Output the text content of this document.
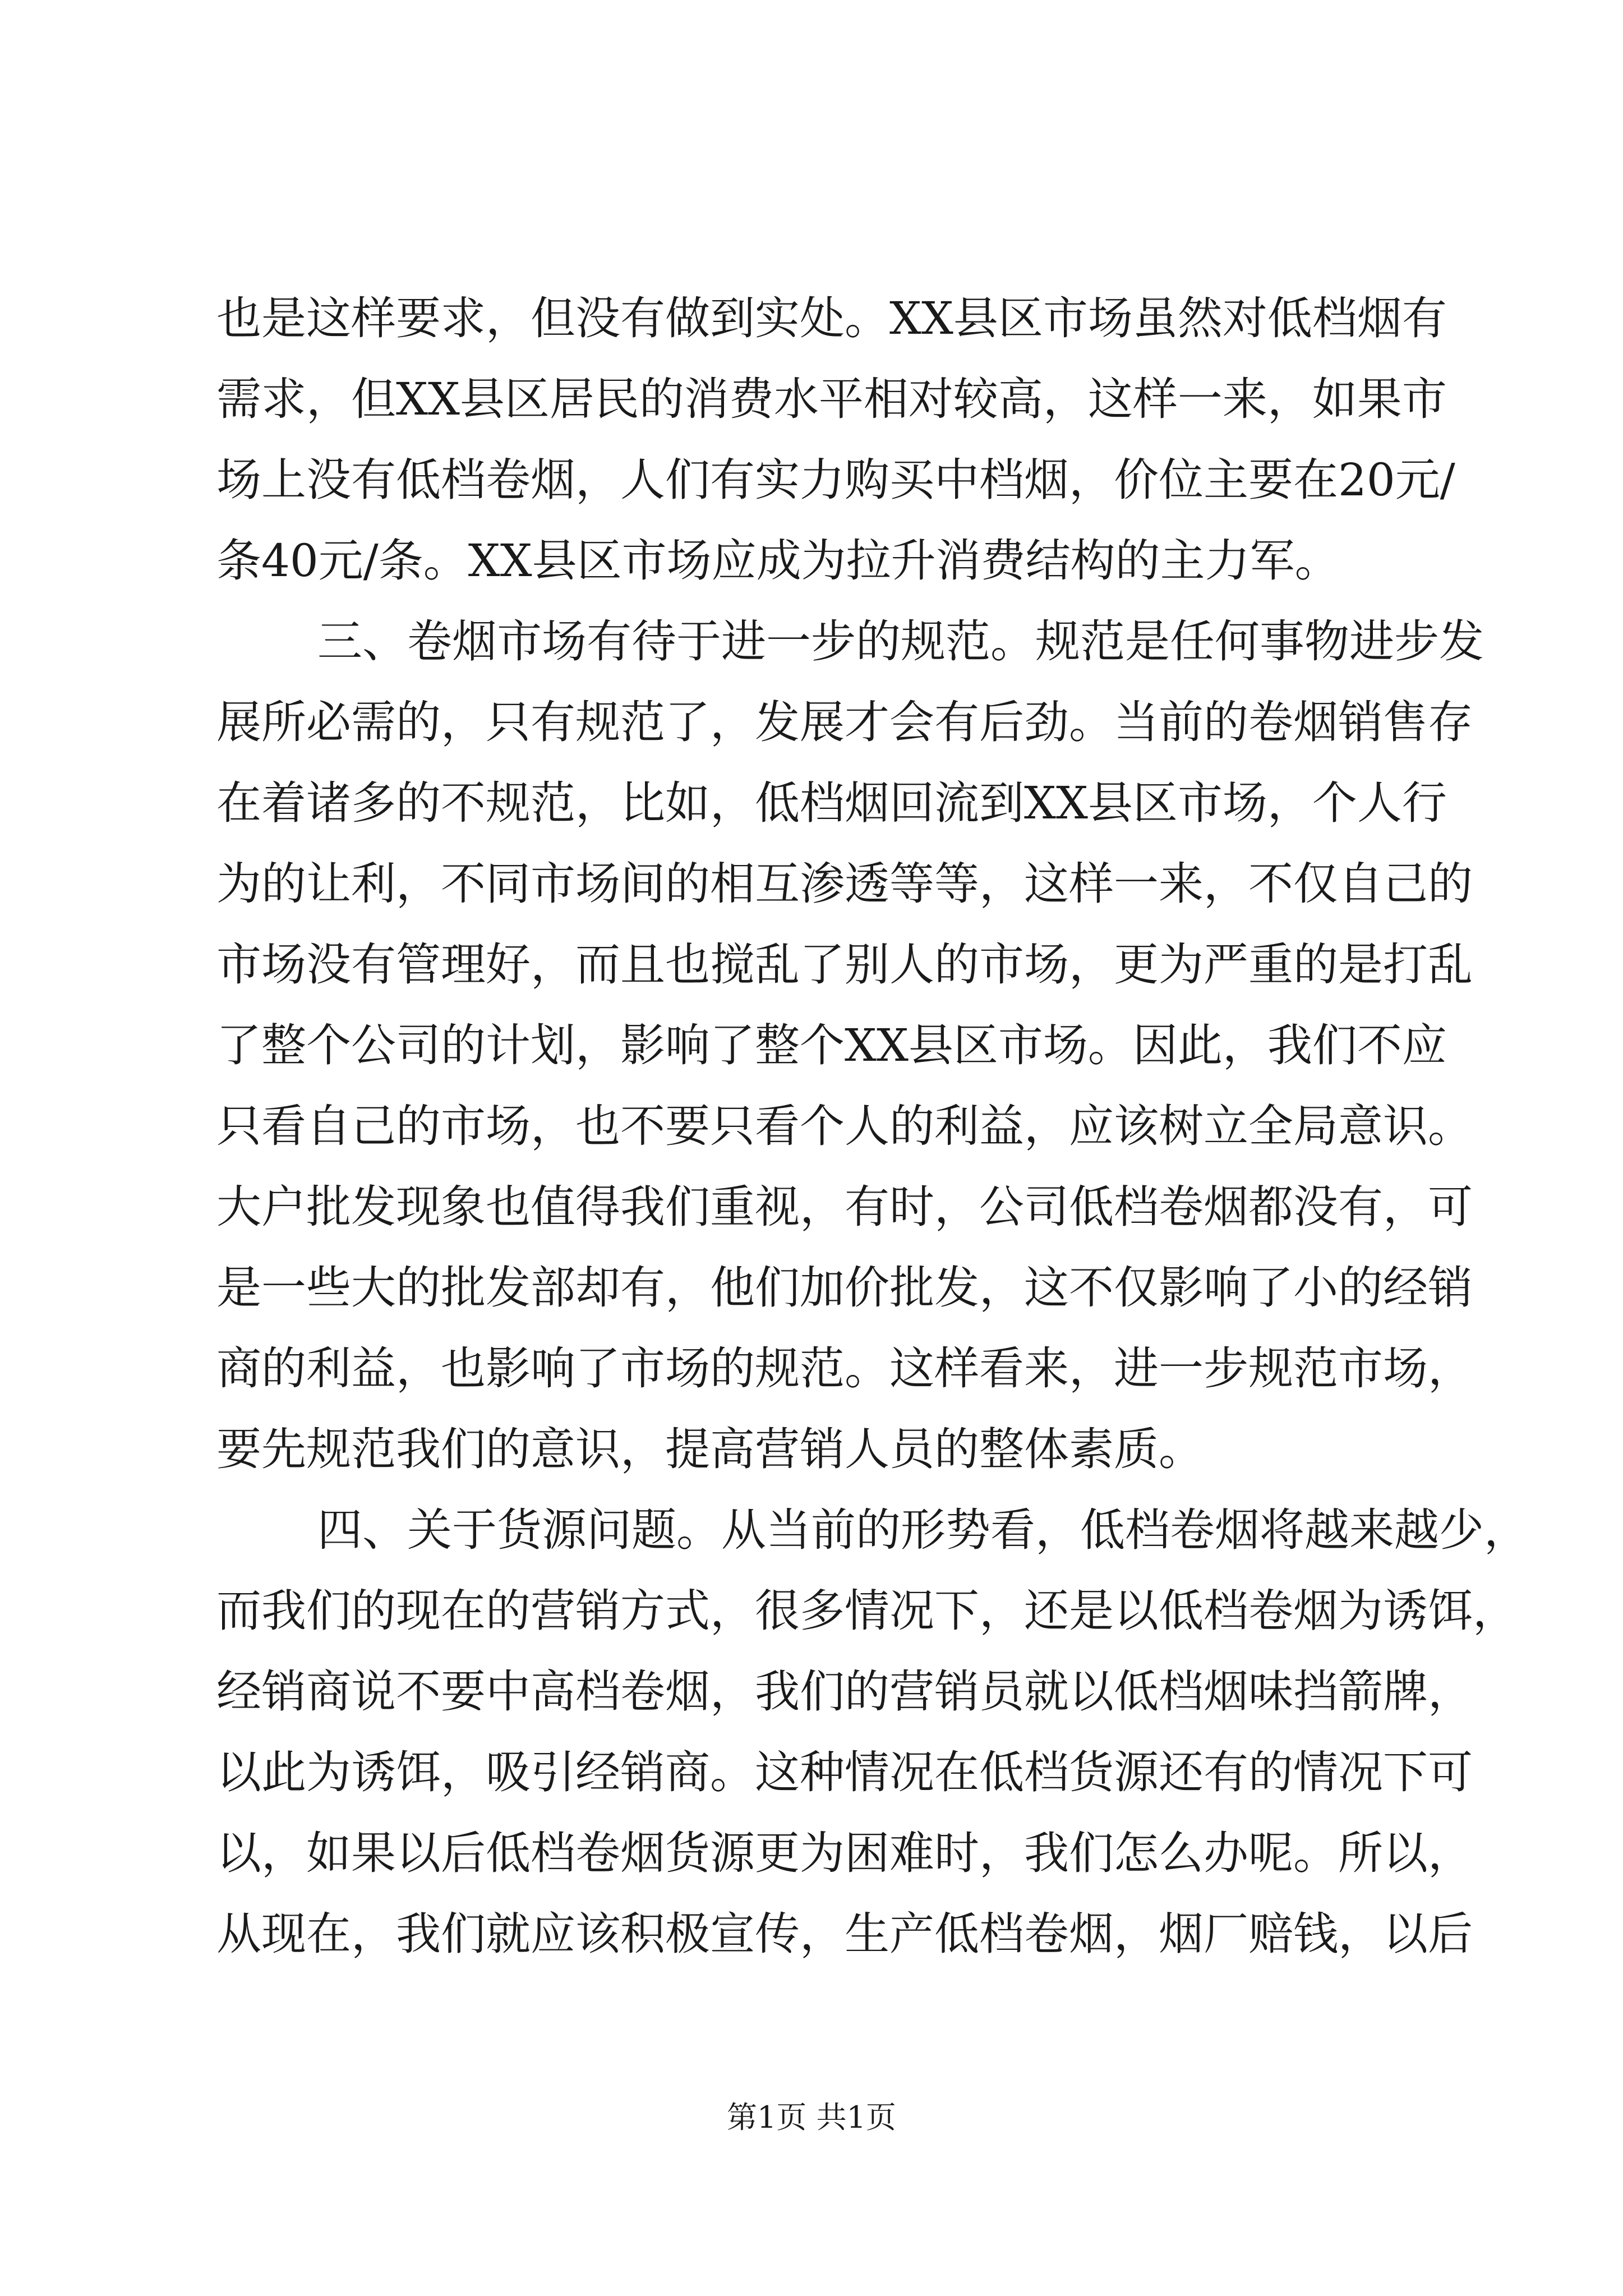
也是这样要求，但没有做到实处。XX县区市场虽然对低档烟有
需求，但XX县区居民的消费水平相对较高，这样一来，如果市
场上没有低档卷烟，人们有实力购买中档烟，价位主要在20元/
条40元/条。XX县区市场应成为拉升消费结构的主力军。
三、卷烟市场有待于进一步的规范。规范是任何事物进步发
展所必需的，只有规范了，发展才会有后劲。当前的卷烟销售存
在着诸多的不规范，比如，低档烟回流到XX县区市场，个人行
为的让利，不同市场间的相互渗透等等，这样一来，不仅自己的
市场没有管理好，而且也搅乱了别人的市场，更为严重的是打乱
了整个公司的计划，影响了整个XX县区市场。因此，我们不应
只看自己的市场，也不要只看个人的利益，应该树立全局意识。
大户批发现象也值得我们重视，有时，公司低档卷烟都没有，可
是一些大的批发部却有，他们加价批发，这不仅影响了小的经销
商的利益，也影响了市场的规范。这样看来，进一步规范市场，
要先规范我们的意识，提高营销人员的整体素质。
四、关于货源问题。从当前的形势看，低档卷烟将越来越少，
而我们的现在的营销方式，很多情况下，还是以低档卷烟为诱饵，
经销商说不要中高档卷烟，我们的营销员就以低档烟味挡箭牌，
以此为诱饵，吸引经销商。这种情况在低档货源还有的情况下可
以，如果以后低档卷烟货源更为困难时，我们怎么办呢。所以，
从现在，我们就应该积极宣传，生产低档卷烟，烟厂赔钱，以后
第1页 共1页
